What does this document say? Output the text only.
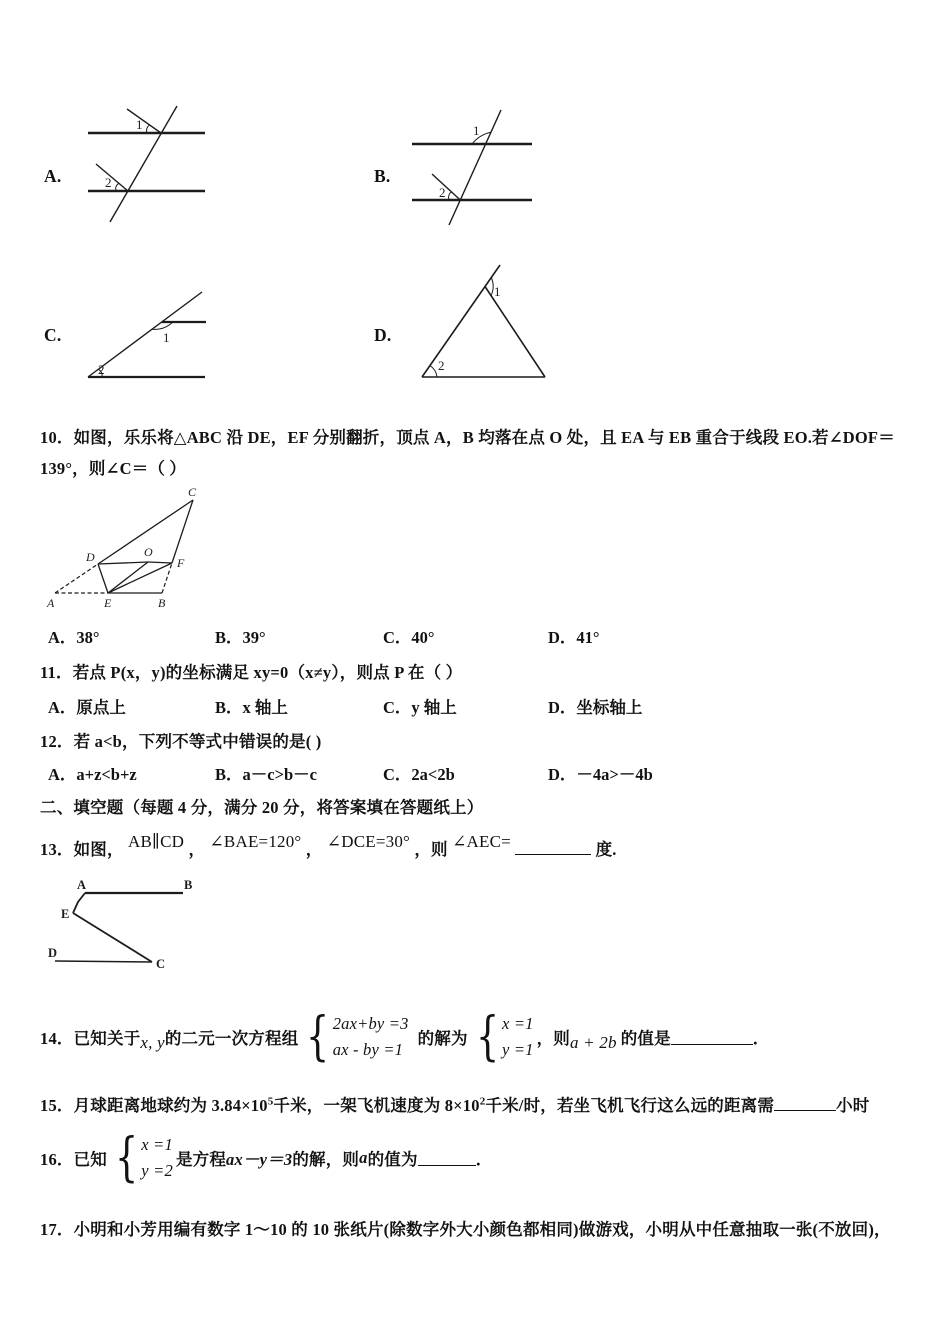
A.	B.
C.	D.
1
2
1
2
1
2
1
2
10．如图，乐乐将△ABC 沿 DE，EF 分别翻折，顶点 A，B 均落在点 O 处，且 EA 与 EB 重合于线段 EO.若∠DOF＝
139°，则∠C＝（ ）
C
D	O
F
A	E	B
A．38°	B．39°	C．40°	D．41°
11．若点 P(x，y)的坐标满足 xy=0（x≠y），则点 P 在（ ）
A．原点上	B．x 轴上	C．y 轴上	D．坐标轴上
12．若 a<b，下列不等式中错误的是( )
A．a+z<b+z	B．a－c>b－c	C．2a<2b	D．－4a>－4b
二、填空题（每题 4 分，满分 20 分，将答案填在答题纸上）
13．如图， AB∥CD ， ∠BAE=120° ， ∠DCE=30° ，则 ∠AEC=	度.
A	B
E
D
C
14．已知关于 x, y 的二元一次方程组 { 2ax+by =3
ax - by =1
的解为 { x =1
y =1
，则 a + 2b 的值是	．
15．月球距离地球约为 $3.84\times 10^5$千米，一架飞机速度为 $8\times 10^2$千米/时，若坐飞机飞行这么远的距离需	小时
16．已知 { x =1
y =2
是方程 ax－y＝3 的解，则 a 的值为	．
17．小明和小芳用编有数字 1～10 的 10 张纸片(除数字外大小颜色都相同)做游戏，小明从中任意抽取一张(不放回)，
